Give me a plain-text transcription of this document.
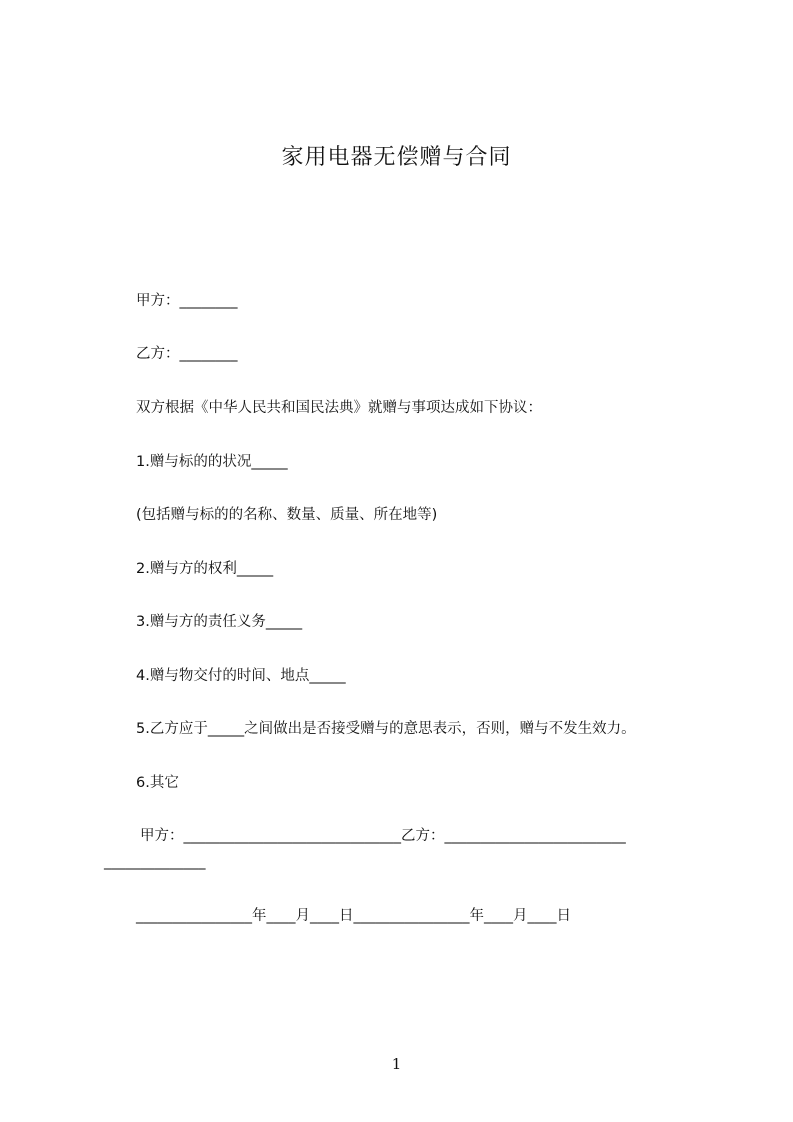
家用电器无偿赠与合同
甲方：________
乙方：________
双方根据《中华人民共和国民法典》就赠与事项达成如下协议：
1.赠与标的的状况_____
(包括赠与标的的名称、数量、质量、所在地等)
2.赠与方的权利_____
3.赠与方的责任义务_____
4.赠与物交付的时间、地点_____
5.乙方应于_____之间做出是否接受赠与的意思表示，否则，赠与不发生效力。
6.其它
甲方：______________________________乙方：_________________________
______________
________________年____月____日________________年____月____日
1
